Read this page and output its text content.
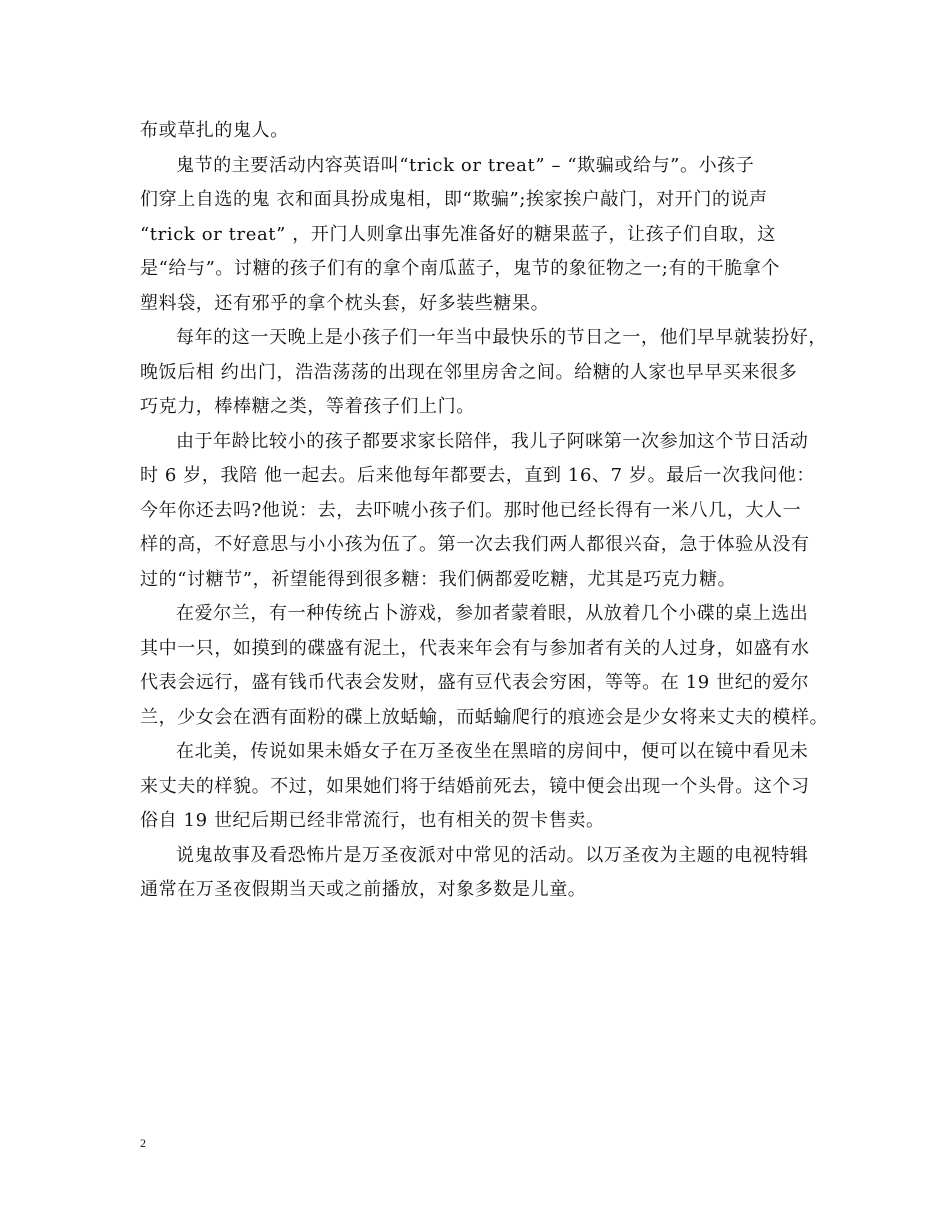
布或草扎的鬼人。
鬼节的主要活动内容英语叫“trick or treat” – “欺骗或给与”。小孩子
们穿上自选的鬼 衣和面具扮成鬼相，即“欺骗”;挨家挨户敲门，对开门的说声
“trick or treat” ，开门人则拿出事先准备好的糖果蓝子，让孩子们自取，这
是“给与”。讨糖的孩子们有的拿个南瓜蓝子，鬼节的象征物之一;有的干脆拿个
塑料袋，还有邪乎的拿个枕头套，好多装些糖果。
每年的这一天晚上是小孩子们一年当中最快乐的节日之一，他们早早就装扮好，
晚饭后相 约出门，浩浩荡荡的出现在邻里房舍之间。给糖的人家也早早买来很多
巧克力，棒棒糖之类，等着孩子们上门。
由于年龄比较小的孩子都要求家长陪伴，我儿子阿咪第一次参加这个节日活动
时 6 岁，我陪 他一起去。后来他每年都要去，直到 16、7 岁。最后一次我问他：
今年你还去吗?他说：去，去吓唬小孩子们。那时他已经长得有一米八几，大人一
样的高，不好意思与小小孩为伍了。第一次去我们两人都很兴奋，急于体验从没有
过的“讨糖节”，祈望能得到很多糖：我们俩都爱吃糖，尤其是巧克力糖。
在爱尔兰，有一种传统占卜游戏，参加者蒙着眼，从放着几个小碟的桌上选出
其中一只，如摸到的碟盛有泥土，代表来年会有与参加者有关的人过身，如盛有水
代表会远行，盛有钱币代表会发财，盛有豆代表会穷困，等等。在 19 世纪的爱尔
兰，少女会在洒有面粉的碟上放蛞蝓，而蛞蝓爬行的痕迹会是少女将来丈夫的模样。
在北美，传说如果未婚女子在万圣夜坐在黑暗的房间中，便可以在镜中看见未
来丈夫的样貌。不过，如果她们将于结婚前死去，镜中便会出现一个头骨。这个习
俗自 19 世纪后期已经非常流行，也有相关的贺卡售卖。
说鬼故事及看恐怖片是万圣夜派对中常见的活动。以万圣夜为主题的电视特辑
通常在万圣夜假期当天或之前播放，对象多数是儿童。
2
